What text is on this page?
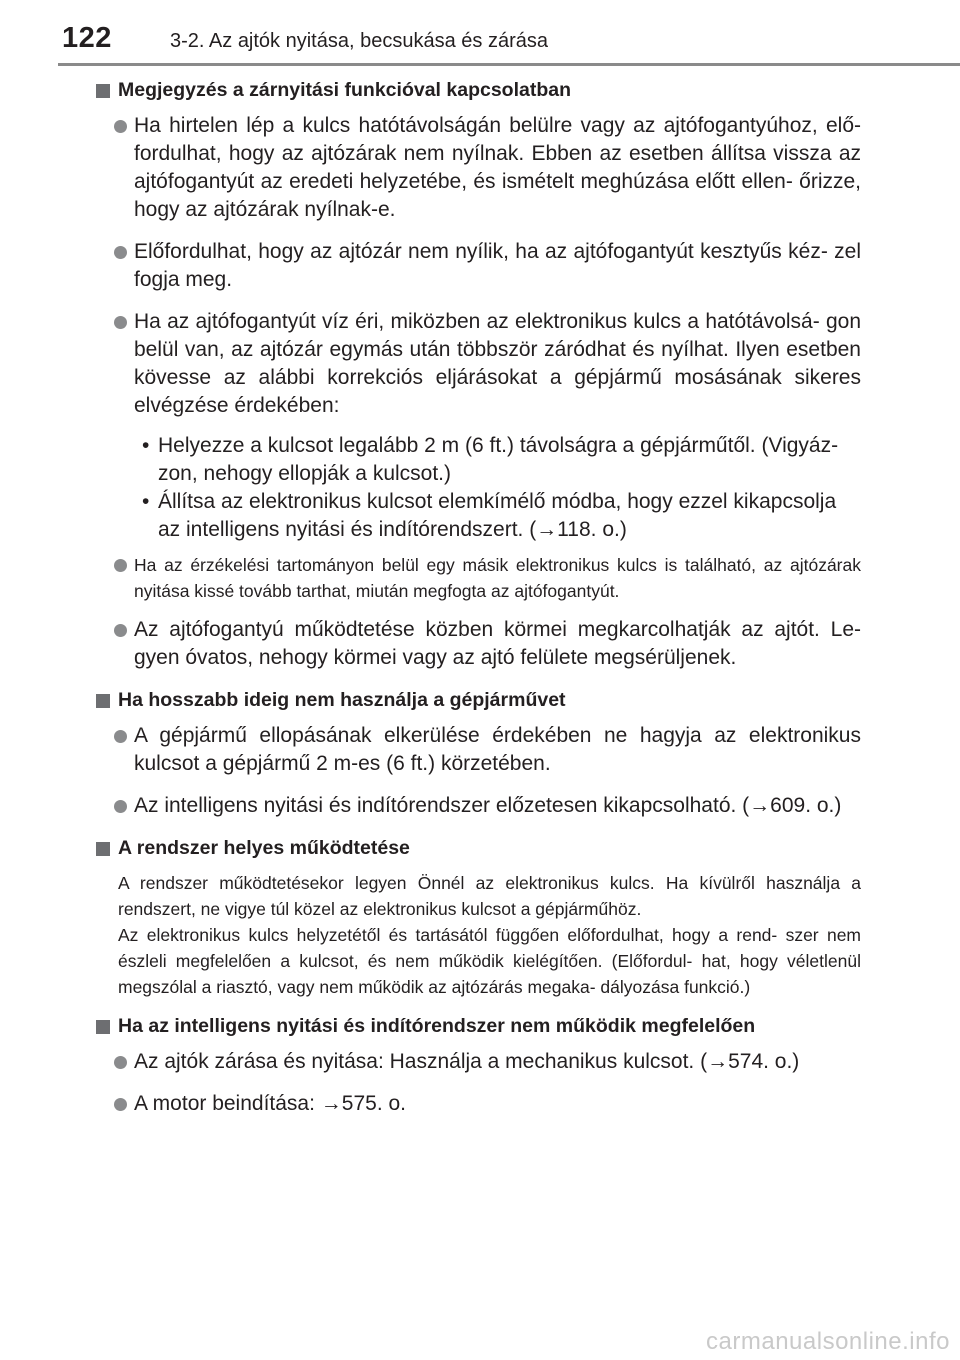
122	3-2. Az ajtók nyitása, becsukása és zárása
Megjegyzés a zárnyitási funkcióval kapcsolatban
Ha hirtelen lép a kulcs hatótávolságán belülre vagy az ajtófogantyúhoz, elő- fordulhat, hogy az ajtózárak nem nyílnak. Ebben az esetben állítsa vissza az ajtófogantyút az eredeti helyzetébe, és ismételt meghúzása előtt ellen- őrizze, hogy az ajtózárak nyílnak-e.
Előfordulhat, hogy az ajtózár nem nyílik, ha az ajtófogantyút kesztyűs kéz- zel fogja meg.
Ha az ajtófogantyút víz éri, miközben az elektronikus kulcs a hatótávolsá- gon belül van, az ajtózár egymás után többször záródhat és nyílhat. Ilyen esetben kövesse az alábbi korrekciós eljárásokat a gépjármű mosásának sikeres elvégzése érdekében:
• Helyezze a kulcsot legalább 2 m (6 ft.) távolságra a gépjárműtől. (Vigyáz- zon, nehogy ellopják a kulcsot.)
• Állítsa az elektronikus kulcsot elemkímélő módba, hogy ezzel kikapcsolja az intelligens nyitási és indítórendszert. (→118. o.)
Ha az érzékelési tartományon belül egy másik elektronikus kulcs is található, az ajtózárak nyitása kissé tovább tarthat, miután megfogta az ajtófogantyút.
Az ajtófogantyú működtetése közben körmei megkarcolhatják az ajtót. Le- gyen óvatos, nehogy körmei vagy az ajtó felülete megsérüljenek.
Ha hosszabb ideig nem használja a gépjárművet
A gépjármű ellopásának elkerülése érdekében ne hagyja az elektronikus kulcsot a gépjármű 2 m-es (6 ft.) körzetében.
Az intelligens nyitási és indítórendszer előzetesen kikapcsolható. (→609. o.)
A rendszer helyes működtetése

A rendszer működtetésekor legyen Önnél az elektronikus kulcs. Ha kívülről használja a rendszert, ne vigye túl közel az elektronikus kulcsot a gépjárműhöz.

Az elektronikus kulcs helyzetétől és tartásától függően előfordulhat, hogy a rend- szer nem észleli megfelelően a kulcsot, és nem működik kielégítően. (Előfordul- hat, hogy véletlenül megszólal a riasztó, vagy nem működik az ajtózárás megaka- dályozása funkció.)

Ha az intelligens nyitási és indítórendszer nem működik megfelelően
Az ajtók zárása és nyitása: Használja a mechanikus kulcsot. (→574. o.)
A motor beindítása: →575. o.
carmanualsonline.info
